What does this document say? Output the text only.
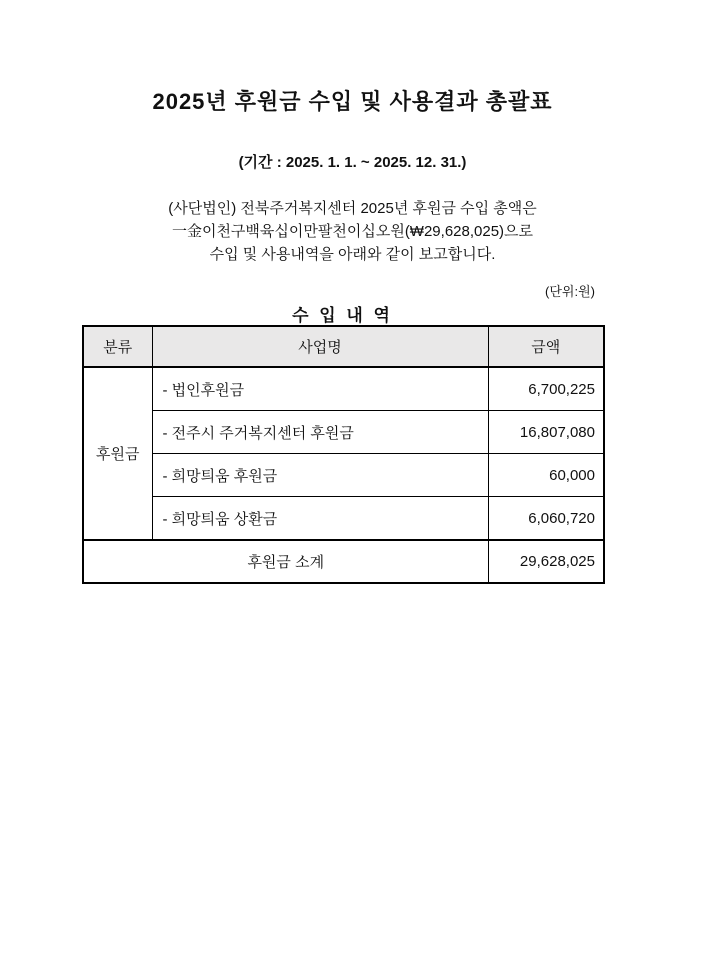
2025년 후원금 수입 및 사용결과 총괄표
(기간 : 2025. 1. 1. ~ 2025. 12. 31.)
(사단법인) 전북주거복지센터 2025년 후원금 수입 총액은
一金이천구백육십이만팔천이십오원(₩29,628,025)으로
수입 및 사용내역을 아래와 같이 보고합니다.
(단위:원)
수 입 내 역
분류	사업명	금액
후원금	- 법인후원금	6,700,225
	- 전주시 주거복지센터 후원금	16,807,080
	- 희망틔움 후원금	60,000
	- 희망틔움 상환금	6,060,720
후원금 소계		29,628,025
